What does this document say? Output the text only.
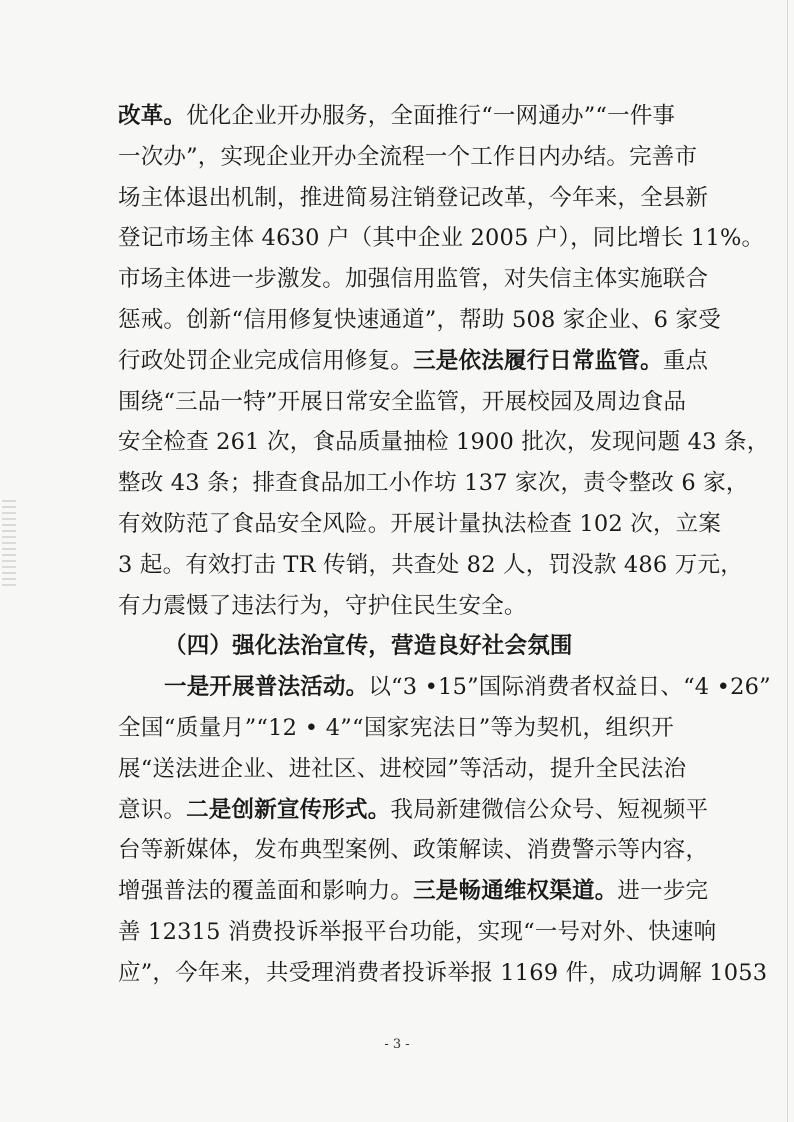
改革。优化企业开办服务，全面推行“一网通办”“一件事
一次办”，实现企业开办全流程一个工作日内办结。完善市
场主体退出机制，推进简易注销登记改革，今年来，全县新
登记市场主体 4630 户（其中企业 2005 户），同比增长 11%。
市场主体进一步激发。加强信用监管，对失信主体实施联合
惩戒。创新“信用修复快速通道”，帮助 508 家企业、6 家受
行政处罚企业完成信用修复。三是依法履行日常监管。重点
围绕“三品一特”开展日常安全监管，开展校园及周边食品
安全检查 261 次，食品质量抽检 1900 批次，发现问题 43 条，
整改 43 条；排查食品加工小作坊 137 家次，责令整改 6 家，
有效防范了食品安全风险。开展计量执法检查 102 次，立案
3 起。有效打击 TR 传销，共查处 82 人，罚没款 486 万元，
有力震慑了违法行为，守护住民生安全。
（四）强化法治宣传，营造良好社会氛围
一是开展普法活动。以“3 •15”国际消费者权益日、“4 •26”
全国“质量月”“12 • 4”“国家宪法日”等为契机，组织开
展“送法进企业、进社区、进校园”等活动，提升全民法治
意识。二是创新宣传形式。我局新建微信公众号、短视频平
台等新媒体，发布典型案例、政策解读、消费警示等内容，
增强普法的覆盖面和影响力。三是畅通维权渠道。进一步完
善 12315 消费投诉举报平台功能，实现“一号对外、快速响
应”，今年来，共受理消费者投诉举报 1169 件，成功调解 1053
- 3 -
